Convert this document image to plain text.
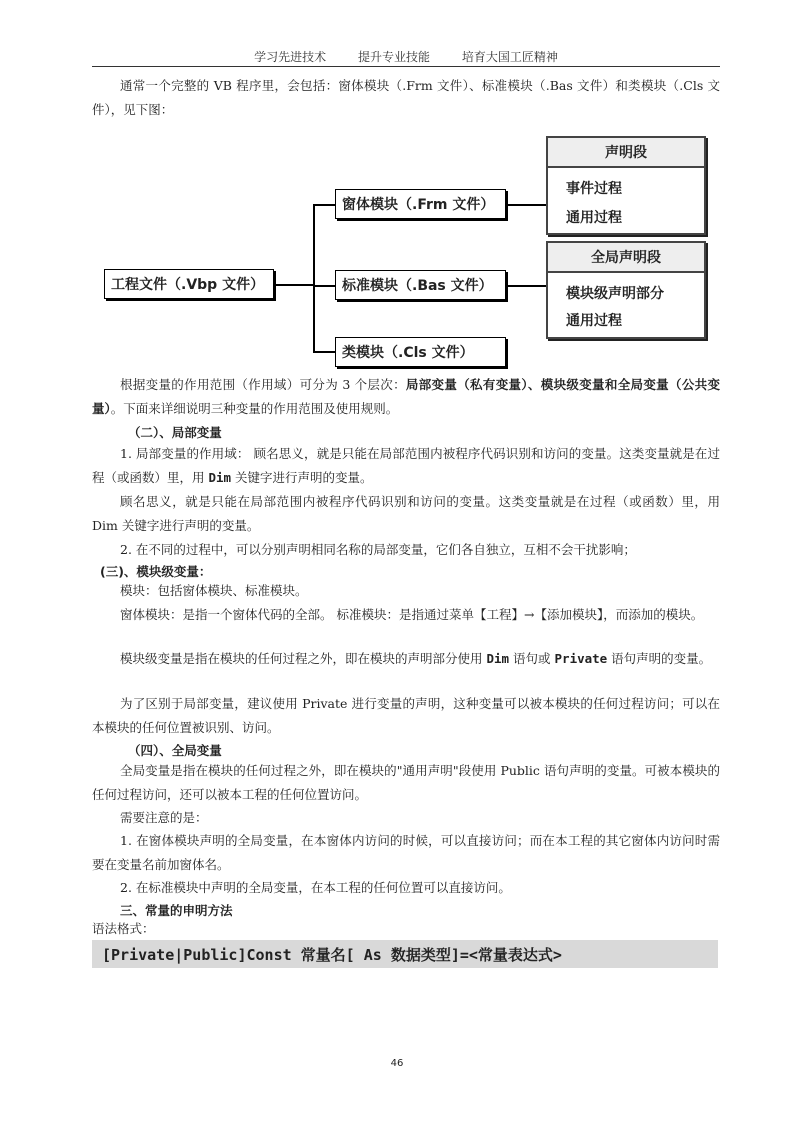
学习先进技术	提升专业技能	培育大国工匠精神

通常一个完整的 VB 程序里，会包括：窗体模块（.Frm 文件）、标准模块（.Bas 文件）和类模块（.Cls 文件），见下图：

工程文件（.Vbp 文件）
窗体模块（.Frm 文件）
标准模块（.Bas 文件）
类模块（.Cls 文件）
声明段
事件过程
通用过程
全局声明段
模块级声明部分
通用过程

根据变量的作用范围（作用域）可分为 3 个层次：局部变量（私有变量）、模块级变量和全局变量（公共变量）。下面来详细说明三种变量的作用范围及使用规则。

（二）、局部变量

1. 局部变量的作用域： 顾名思义，就是只能在局部范围内被程序代码识别和访问的变量。这类变量就是在过程（或函数）里，用 Dim 关键字进行声明的变量。

顾名思义，就是只能在局部范围内被程序代码识别和访问的变量。这类变量就是在过程（或函数）里，用 Dim 关键字进行声明的变量。

2. 在不同的过程中，可以分别声明相同名称的局部变量，它们各自独立，互相不会干扰影响；

(三)、模块级变量：

模块：包括窗体模块、标准模块。

窗体模块：是指一个窗体代码的全部。 标准模块：是指通过菜单【工程】→【添加模块】，而添加的模块。

模块级变量是指在模块的任何过程之外，即在模块的声明部分使用 Dim 语句或 Private 语句声明的变量。

为了区别于局部变量，建议使用 Private 进行变量的声明，这种变量可以被本模块的任何过程访问；可以在本模块的任何位置被识别、访问。

（四）、全局变量

全局变量是指在模块的任何过程之外，即在模块的"通用声明"段使用 Public 语句声明的变量。可被本模块的任何过程访问，还可以被本工程的任何位置访问。

需要注意的是：

1. 在窗体模块声明的全局变量，在本窗体内访问的时候，可以直接访问；而在本工程的其它窗体内访问时需要在变量名前加窗体名。

2. 在标准模块中声明的全局变量，在本工程的任何位置可以直接访问。

三、常量的申明方法

语法格式：

[Private|Public]Const 常量名[ As 数据类型]=<常量表达式>
46
